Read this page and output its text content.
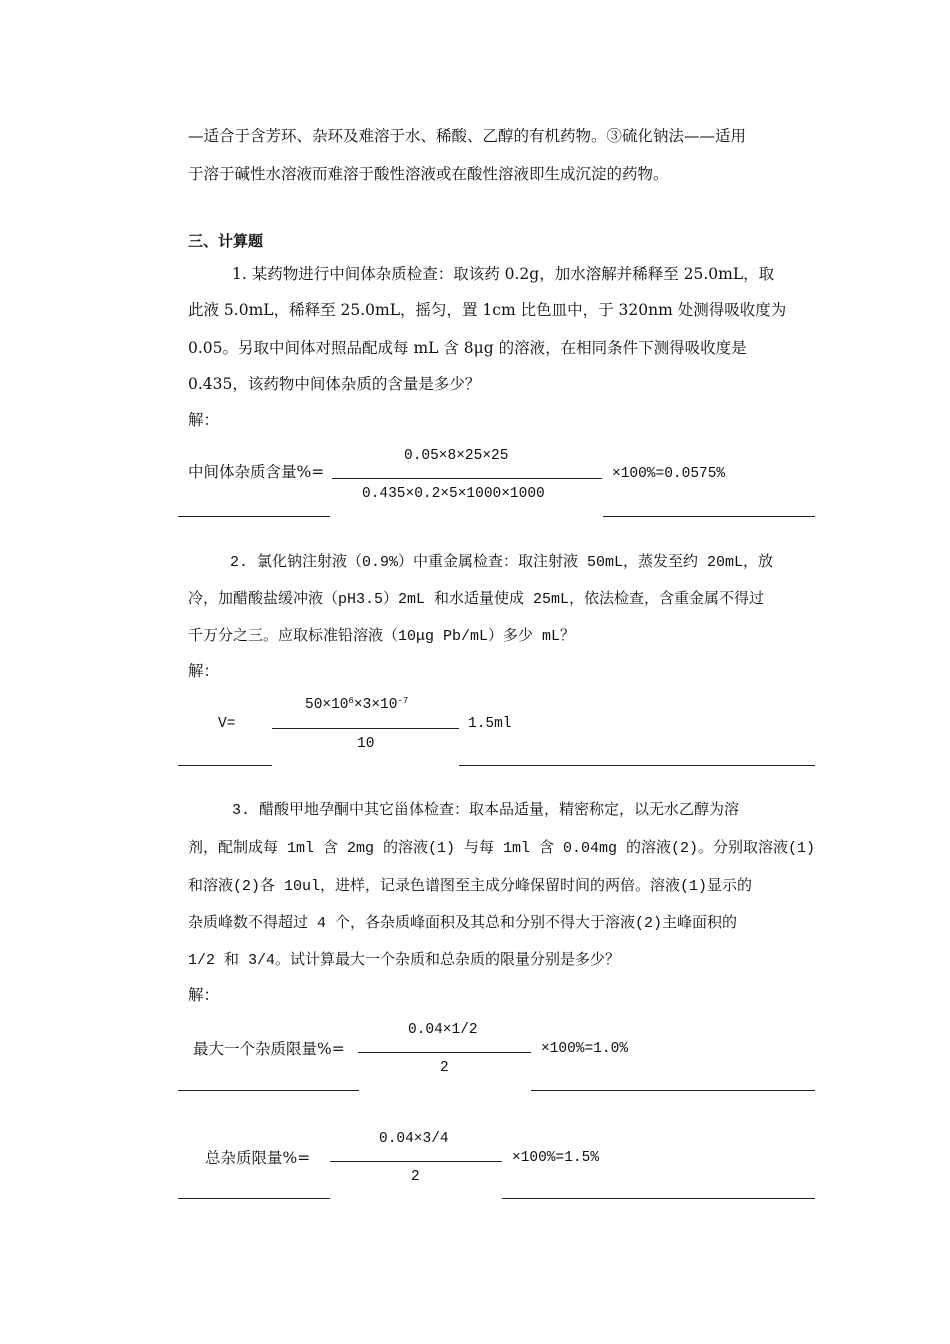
—适合于含芳环、杂环及难溶于水、稀酸、乙醇的有机药物。③硫化钠法——适用
于溶于碱性水溶液而难溶于酸性溶液或在酸性溶液即生成沉淀的药物。
三、计算题
1. 某药物进行中间体杂质检查：取该药 0.2g，加水溶解并稀释至 25.0mL，取
此液 5.0mL，稀释至 25.0mL，摇匀，置 1cm 比色皿中，于 320nm 处测得吸收度为
0.05。另取中间体对照品配成每 mL 含 8μg 的溶液，在相同条件下测得吸收度是
0.435，该药物中间体杂质的含量是多少？
解：
中间体杂质含量%=
0.05×8×25×25
0.435×0.2×5×1000×1000
×100%=0.0575%
2. 氯化钠注射液（0.9%）中重金属检查：取注射液 50mL，蒸发至约 20mL，放
冷，加醋酸盐缓冲液（pH3.5）2mL 和水适量使成 25mL，依法检查，含重金属不得过
千万分之三。应取标准铅溶液（10μg Pb/mL）多少 mL？
解：
V=
$50\times 10^6\times 3\times 10^{-7}$
10
1.5ml
3. 醋酸甲地孕酮中其它甾体检查：取本品适量，精密称定，以无水乙醇为溶
剂，配制成每 1ml 含 2mg 的溶液(1) 与每 1ml 含 0.04mg 的溶液(2)。分别取溶液(1)
和溶液(2)各 10ul，进样，记录色谱图至主成分峰保留时间的两倍。溶液(1)显示的
杂质峰数不得超过 4 个，各杂质峰面积及其总和分别不得大于溶液(2)主峰面积的
1/2 和 3/4。试计算最大一个杂质和总杂质的限量分别是多少？
解：
最大一个杂质限量%=
0.04×1/2
2
×100%=1.0%
总杂质限量%=
0.04×3/4
2
×100%=1.5%
